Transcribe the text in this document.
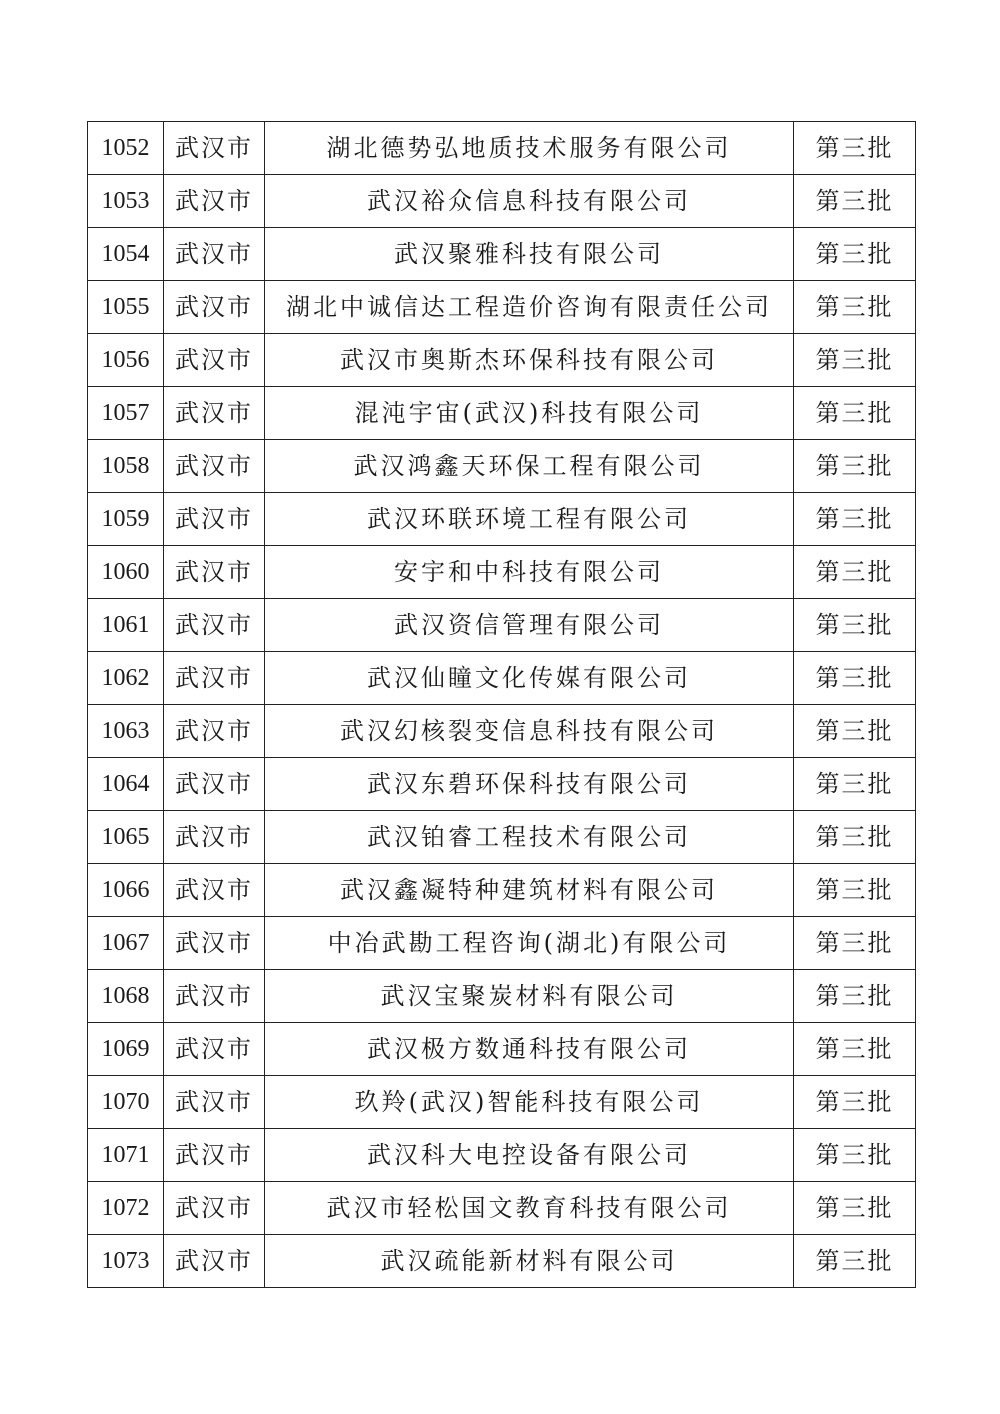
1052	武汉市	湖北德势弘地质技术服务有限公司	第三批
1053	武汉市	武汉裕众信息科技有限公司	第三批
1054	武汉市	武汉聚雅科技有限公司	第三批
1055	武汉市	湖北中诚信达工程造价咨询有限责任公司	第三批
1056	武汉市	武汉市奥斯杰环保科技有限公司	第三批
1057	武汉市	混沌宇宙(武汉)科技有限公司	第三批
1058	武汉市	武汉鸿鑫天环保工程有限公司	第三批
1059	武汉市	武汉环联环境工程有限公司	第三批
1060	武汉市	安宇和中科技有限公司	第三批
1061	武汉市	武汉资信管理有限公司	第三批
1062	武汉市	武汉仙瞳文化传媒有限公司	第三批
1063	武汉市	武汉幻核裂变信息科技有限公司	第三批
1064	武汉市	武汉东碧环保科技有限公司	第三批
1065	武汉市	武汉铂睿工程技术有限公司	第三批
1066	武汉市	武汉鑫凝特种建筑材料有限公司	第三批
1067	武汉市	中冶武勘工程咨询(湖北)有限公司	第三批
1068	武汉市	武汉宝聚炭材料有限公司	第三批
1069	武汉市	武汉极方数通科技有限公司	第三批
1070	武汉市	玖羚(武汉)智能科技有限公司	第三批
1071	武汉市	武汉科大电控设备有限公司	第三批
1072	武汉市	武汉市轻松国文教育科技有限公司	第三批
1073	武汉市	武汉疏能新材料有限公司	第三批
